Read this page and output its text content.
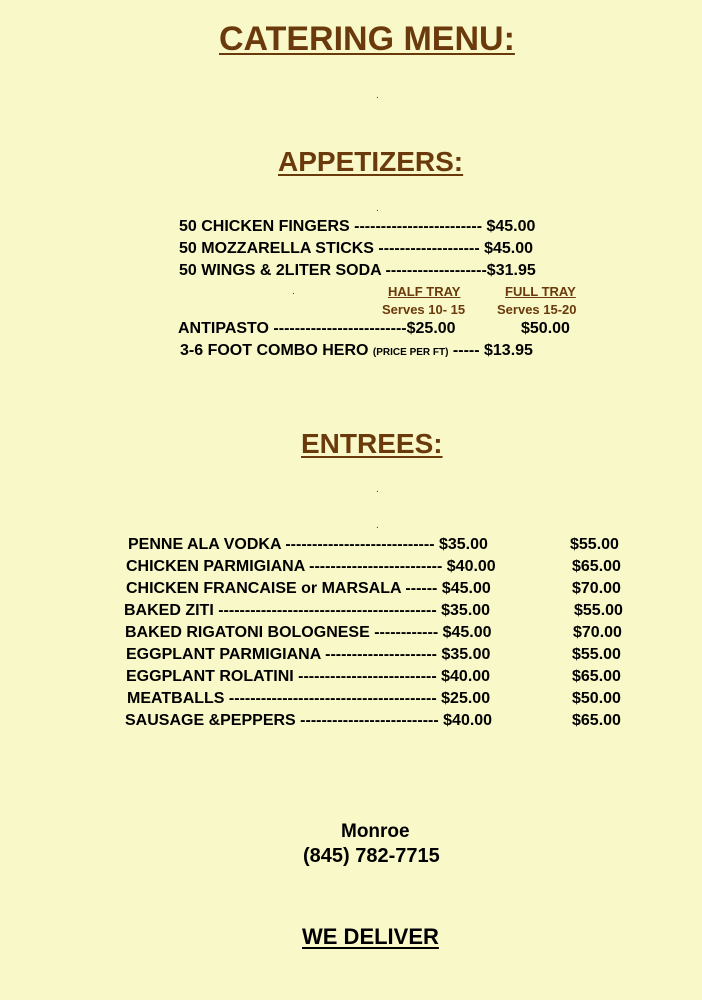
CATERING MENU:
.
APPETIZERS:
.
50 CHICKEN FINGERS ------------------------ $45.00
50 MOZZARELLA STICKS ------------------- $45.00
50 WINGS & 2LITER SODA -------------------$31.95
.	HALF TRAY	FULL TRAY
Serves 10- 15 Serves 15-20
ANTIPASTO -------------------------$25.00	$50.00
3-6 FOOT COMBO HERO (PRICE PER FT) ----- $13.95
ENTREES:
.
.
PENNE ALA VODKA ---------------------------- $35.00	$55.00
CHICKEN PARMIGIANA ------------------------- $40.00	$65.00
CHICKEN FRANCAISE or MARSALA ------ $45.00	$70.00
BAKED ZITI ----------------------------------------- $35.00	$55.00
BAKED RIGATONI BOLOGNESE ------------ $45.00	$70.00
EGGPLANT PARMIGIANA --------------------- $35.00	$55.00
EGGPLANT ROLATINI -------------------------- $40.00	$65.00
MEATBALLS --------------------------------------- $25.00	$50.00
SAUSAGE &PEPPERS -------------------------- $40.00	$65.00
Monroe
(845) 782-7715
WE DELIVER
